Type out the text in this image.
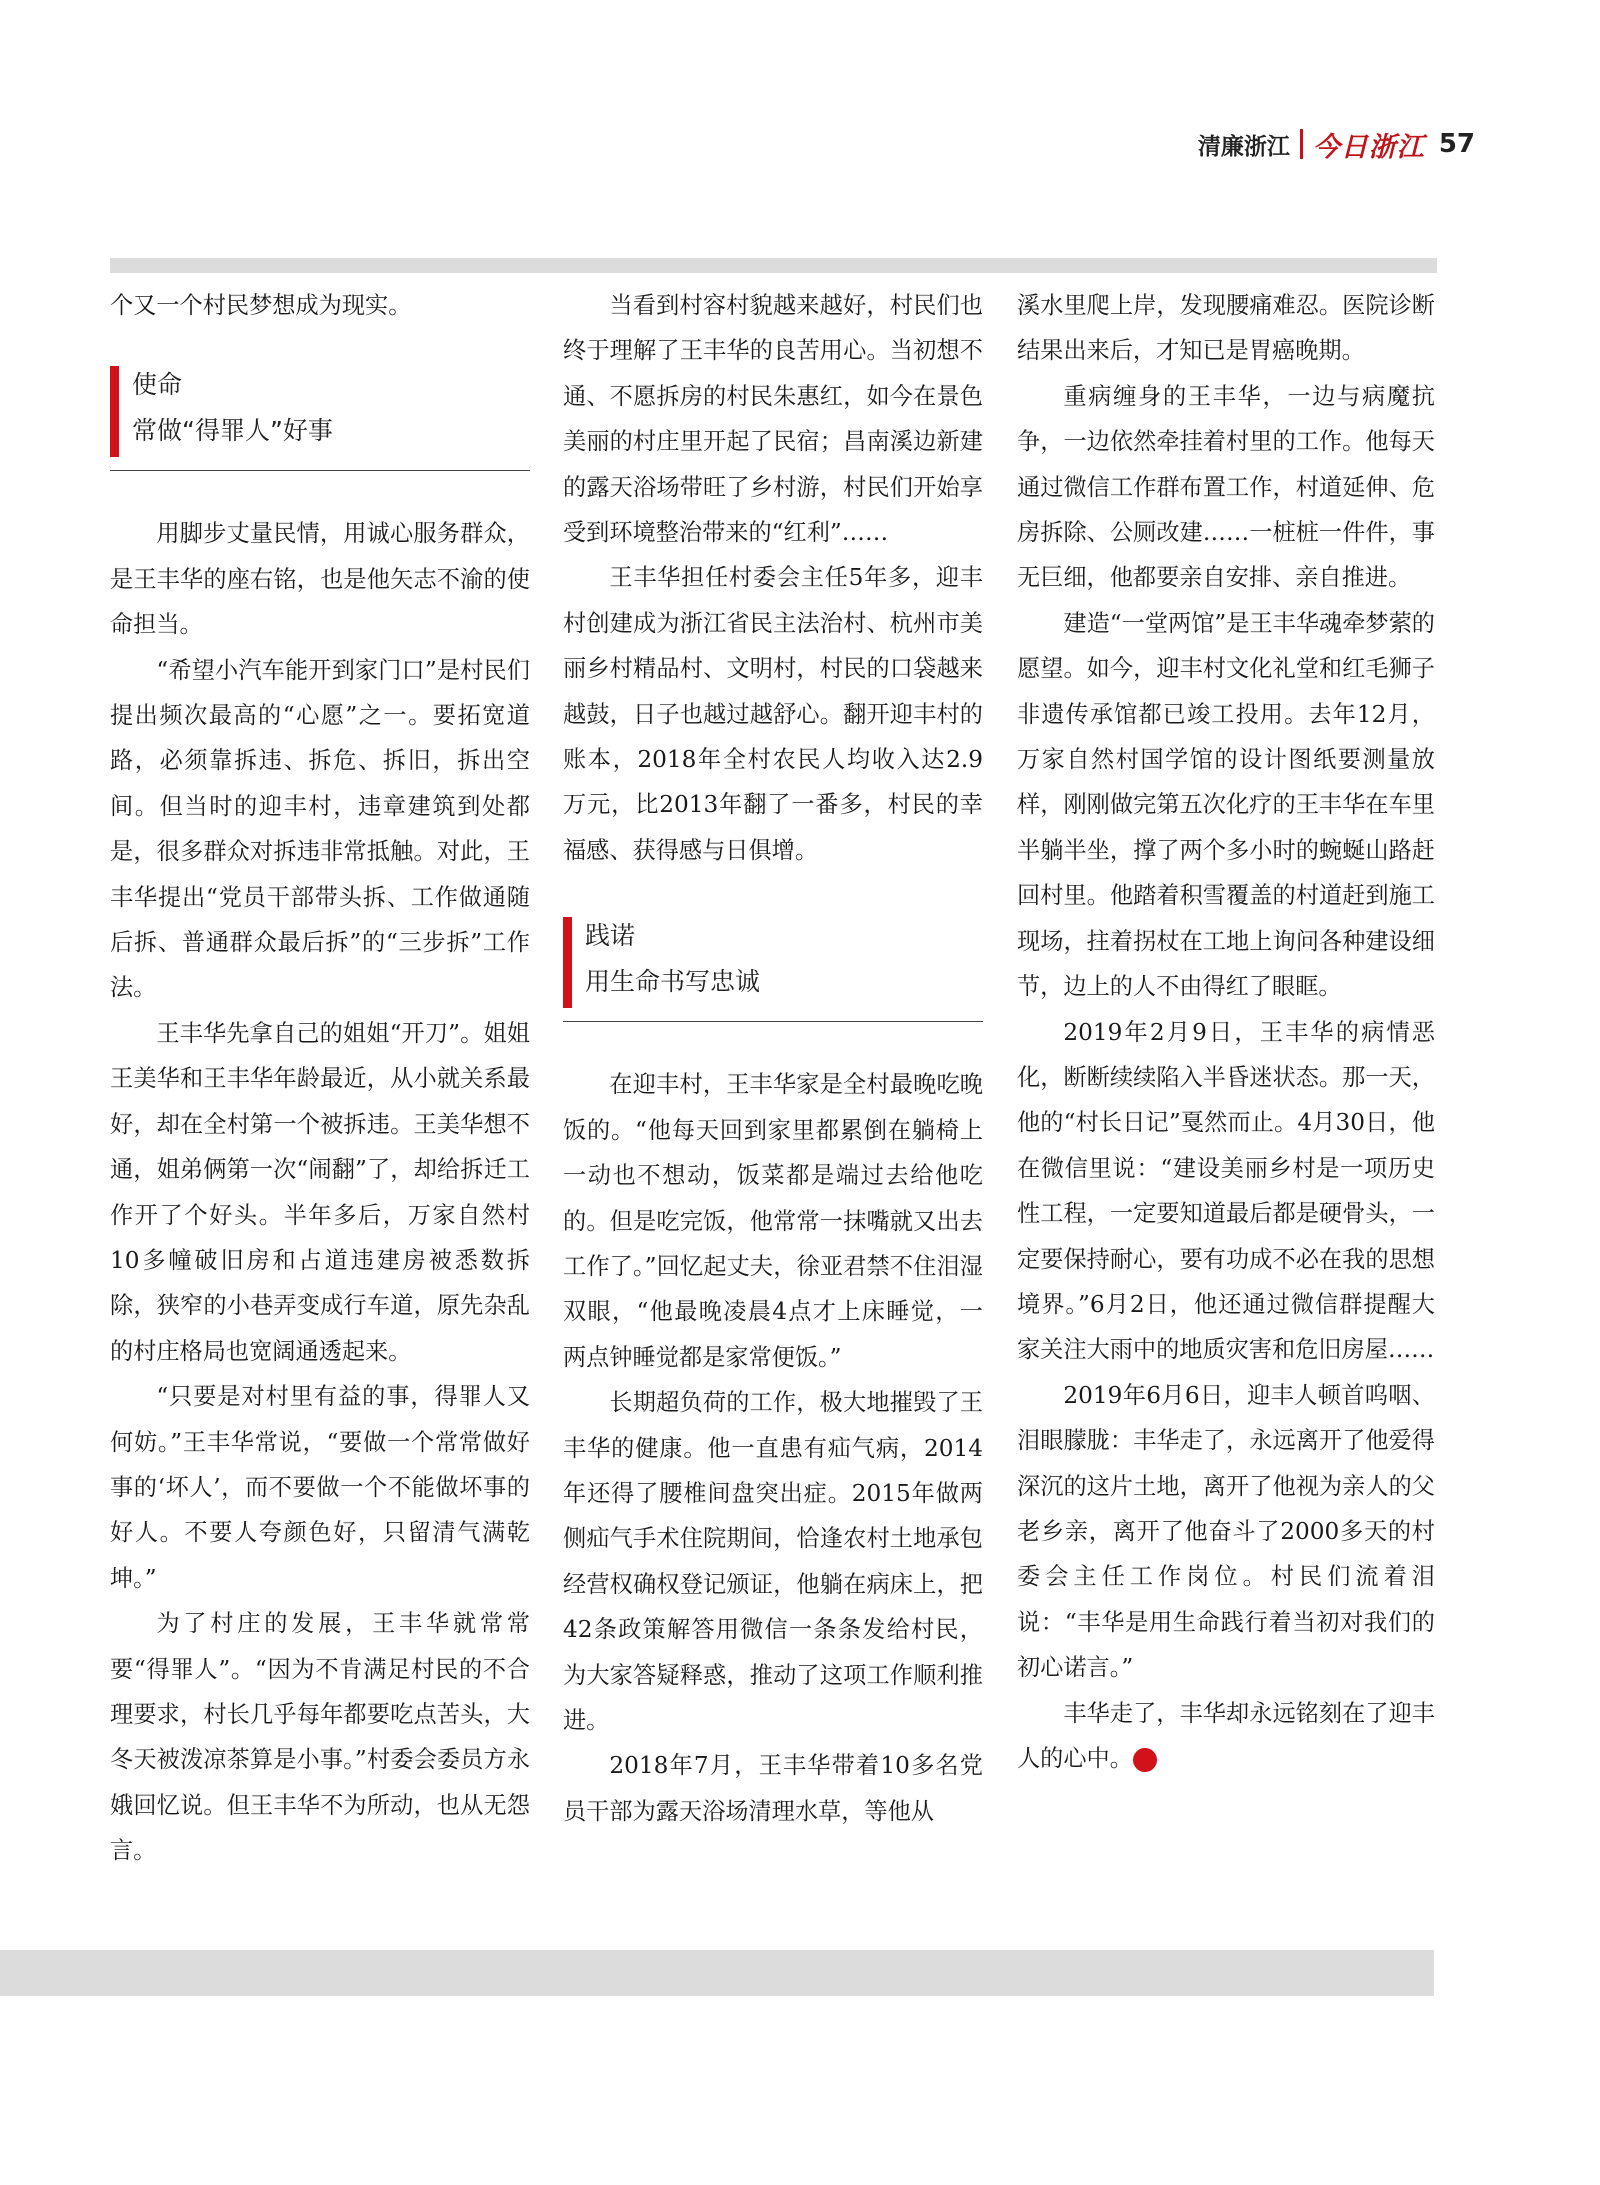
清廉浙江 今日浙江 57

个又一个村民梦想成为现实。

使命
常做“得罪人”好事

用脚步丈量民情，用诚心服务群众，是王丰华的座右铭，也是他矢志不渝的使命担当。

“希望小汽车能开到家门口”是村民们提出频次最高的“心愿”之一。要拓宽道路，必须靠拆违、拆危、拆旧，拆出空间。但当时的迎丰村，违章建筑到处都是，很多群众对拆违非常抵触。对此，王丰华提出“党员干部带头拆、工作做通随后拆、普通群众最后拆”的“三步拆”工作法。

王丰华先拿自己的姐姐“开刀”。姐姐王美华和王丰华年龄最近，从小就关系最好，却在全村第一个被拆违。王美华想不通，姐弟俩第一次“闹翻”了，却给拆迁工作开了个好头。半年多后，万家自然村10多幢破旧房和占道违建房被悉数拆除，狭窄的小巷弄变成行车道，原先杂乱的村庄格局也宽阔通透起来。

“只要是对村里有益的事，得罪人又何妨。”王丰华常说，“要做一个常常做好事的‘坏人’，而不要做一个不能做坏事的好人。不要人夸颜色好，只留清气满乾坤。”

为了村庄的发展，王丰华就常常要“得罪人”。“因为不肯满足村民的不合理要求，村长几乎每年都要吃点苦头，大冬天被泼凉茶算是小事。”村委会委员方永娥回忆说。但王丰华不为所动，也从无怨言。

当看到村容村貌越来越好，村民们也终于理解了王丰华的良苦用心。当初想不通、不愿拆房的村民朱惠红，如今在景色美丽的村庄里开起了民宿；昌南溪边新建的露天浴场带旺了乡村游，村民们开始享受到环境整治带来的“红利”……

王丰华担任村委会主任5年多，迎丰村创建成为浙江省民主法治村、杭州市美丽乡村精品村、文明村，村民的口袋越来越鼓，日子也越过越舒心。翻开迎丰村的账本，2018年全村农民人均收入达2.9万元，比2013年翻了一番多，村民的幸福感、获得感与日俱增。

践诺
用生命书写忠诚

在迎丰村，王丰华家是全村最晚吃晚饭的。“他每天回到家里都累倒在躺椅上一动也不想动，饭菜都是端过去给他吃的。但是吃完饭，他常常一抹嘴就又出去工作了。”回忆起丈夫，徐亚君禁不住泪湿双眼，“他最晚凌晨4点才上床睡觉，一两点钟睡觉都是家常便饭。”

长期超负荷的工作，极大地摧毁了王丰华的健康。他一直患有疝气病，2014年还得了腰椎间盘突出症。2015年做两侧疝气手术住院期间，恰逢农村土地承包经营权确权登记颁证，他躺在病床上，把42条政策解答用微信一条条发给村民，为大家答疑释惑，推动了这项工作顺利推进。

2018年7月，王丰华带着10多名党员干部为露天浴场清理水草，等他从

溪水里爬上岸，发现腰痛难忍。医院诊断结果出来后，才知已是胃癌晚期。

重病缠身的王丰华，一边与病魔抗争，一边依然牵挂着村里的工作。他每天通过微信工作群布置工作，村道延伸、危房拆除、公厕改建……一桩桩一件件，事无巨细，他都要亲自安排、亲自推进。

建造“一堂两馆”是王丰华魂牵梦萦的愿望。如今，迎丰村文化礼堂和红毛狮子非遗传承馆都已竣工投用。去年12月，万家自然村国学馆的设计图纸要测量放样，刚刚做完第五次化疗的王丰华在车里半躺半坐，撑了两个多小时的蜿蜒山路赶回村里。他踏着积雪覆盖的村道赶到施工现场，拄着拐杖在工地上询问各种建设细节，边上的人不由得红了眼眶。

2019年2月9日，王丰华的病情恶化，断断续续陷入半昏迷状态。那一天，他的“村长日记”戛然而止。4月30日，他在微信里说：“建设美丽乡村是一项历史性工程，一定要知道最后都是硬骨头，一定要保持耐心，要有功成不必在我的思想境界。”6月2日，他还通过微信群提醒大家关注大雨中的地质灾害和危旧房屋……

2019年6月6日，迎丰人顿首呜咽、泪眼朦胧：丰华走了，永远离开了他爱得深沉的这片土地，离开了他视为亲人的父老乡亲，离开了他奋斗了2000多天的村委会主任工作岗位。村民们流着泪说：“丰华是用生命践行着当初对我们的初心诺言。”

丰华走了，丰华却永远铭刻在了迎丰人的心中。	今
